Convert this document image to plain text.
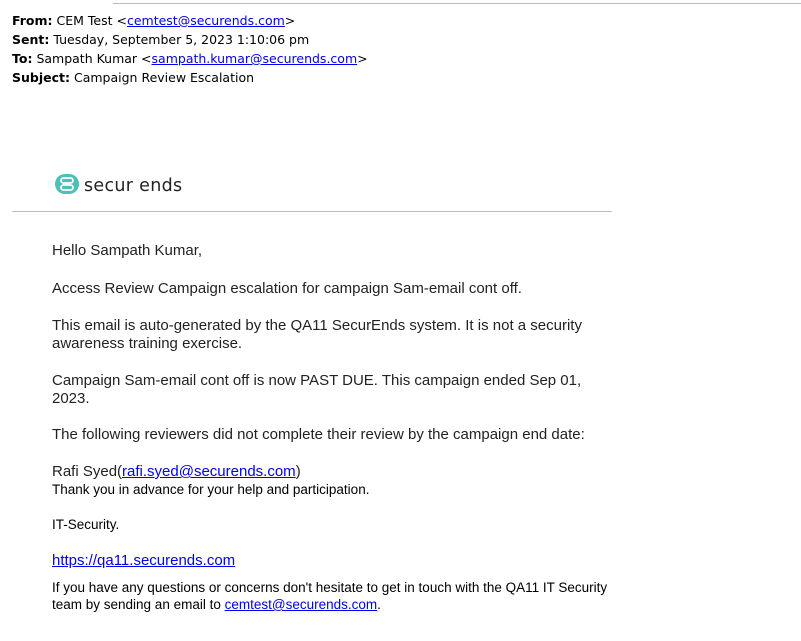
From: CEM Test <cemtest@securends.com>
Sent: Tuesday, September 5, 2023 1:10:06 pm
To: Sampath Kumar <sampath.kumar@securends.com>
Subject: Campaign Review Escalation
secur ends
Hello Sampath Kumar,
Access Review Campaign escalation for campaign Sam-email cont off.
This email is auto-generated by the QA11 SecurEnds system. It is not a security awareness training exercise.
Campaign Sam-email cont off is now PAST DUE. This campaign ended Sep 01, 2023.
The following reviewers did not complete their review by the campaign end date:
Rafi Syed(rafi.syed@securends.com)
Thank you in advance for your help and participation.
IT-Security.
https://qa11.securends.com
If you have any questions or concerns don't hesitate to get in touch with the QA11 IT Security team by sending an email to cemtest@securends.com.
